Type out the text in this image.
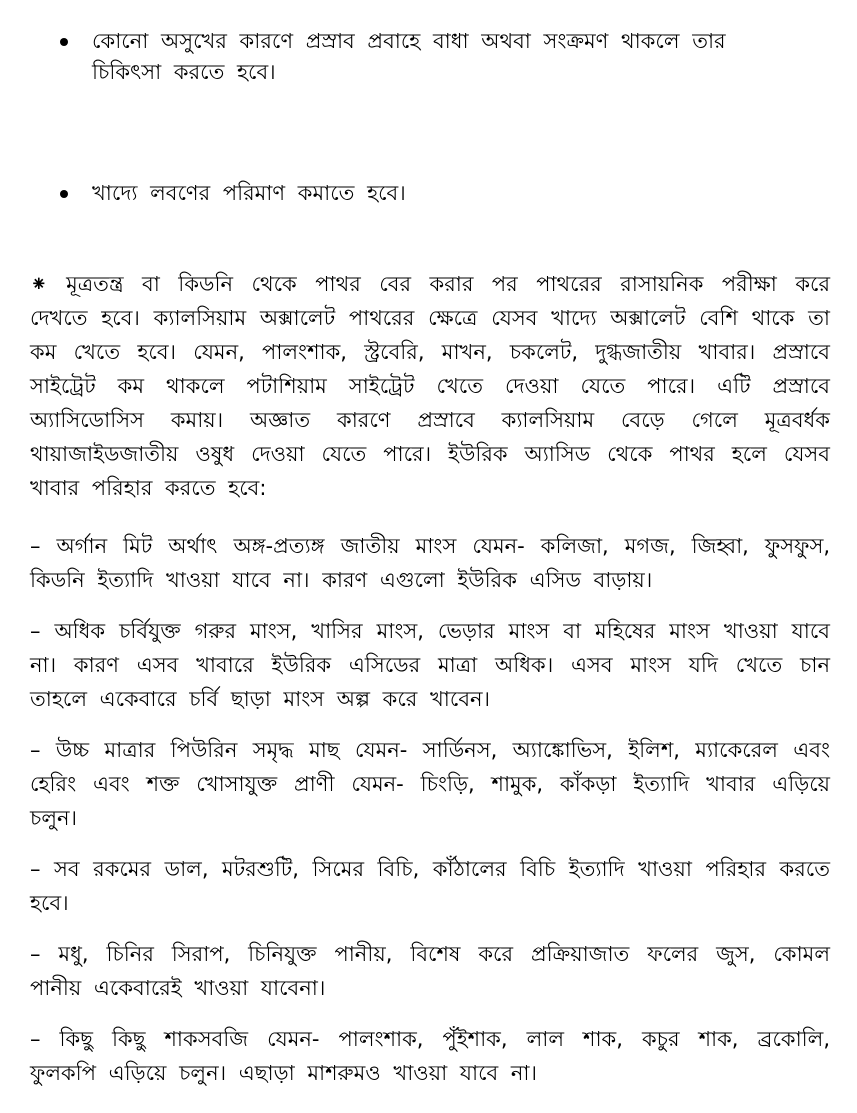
কোনো অসুখের কারণে প্রস্রাব প্রবাহে বাধা অথবা সংক্রমণ থাকলে তার চিকিৎসা করতে হবে।
খাদ্যে লবণের পরিমাণ কমাতে হবে।
⁕ মূত্রতন্ত্র বা কিডনি থেকে পাথর বের করার পর পাথরের রাসায়নিক পরীক্ষা করে দেখতে হবে। ক্যালসিয়াম অক্সালেট পাথরের ক্ষেত্রে যেসব খাদ্যে অক্সালেট বেশি থাকে তা কম খেতে হবে। যেমন, পালংশাক, স্ট্রবেরি, মাখন, চকলেট, দুগ্ধজাতীয় খাবার। প্রস্রাবে সাইট্রেট কম থাকলে পটাশিয়াম সাইট্রেট খেতে দেওয়া যেতে পারে। এটি প্রস্রাবে অ্যাসিডোসিস কমায়। অজ্ঞাত কারণে প্রস্রাবে ক্যালসিয়াম বেড়ে গেলে মূত্রবর্ধক থায়াজাইডজাতীয় ওষুধ দেওয়া যেতে পারে। ইউরিক অ্যাসিড থেকে পাথর হলে যেসব খাবার পরিহার করতে হবে:
– অর্গান মিট অর্থাৎ অঙ্গ-প্রত্যঙ্গ জাতীয় মাংস যেমন- কলিজা, মগজ, জিহ্বা, ফুসফুস, কিডনি ইত্যাদি খাওয়া যাবে না। কারণ এগুলো ইউরিক এসিড বাড়ায়।
– অধিক চর্বিযুক্ত গরুর মাংস, খাসির মাংস, ভেড়ার মাংস বা মহিষের মাংস খাওয়া যাবে না। কারণ এসব খাবারে ইউরিক এসিডের মাত্রা অধিক। এসব মাংস যদি খেতে চান তাহলে একেবারে চর্বি ছাড়া মাংস অল্প করে খাবেন।
– উচ্চ মাত্রার পিউরিন সমৃদ্ধ মাছ যেমন- সার্ডিনস, অ্যাঙ্কোভিস, ইলিশ, ম্যাকেরেল এবং হেরিং এবং শক্ত খোসাযুক্ত প্রাণী যেমন- চিংড়ি, শামুক, কাঁকড়া ইত্যাদি খাবার এড়িয়ে চলুন।
– সব রকমের ডাল, মটরশুটি, সিমের বিচি, কাঁঠালের বিচি ইত্যাদি খাওয়া পরিহার করতে হবে।
– মধু, চিনির সিরাপ, চিনিযুক্ত পানীয়, বিশেষ করে প্রক্রিয়াজাত ফলের জুস, কোমল পানীয় একেবারেই খাওয়া যাবেনা।
– কিছু কিছু শাকসবজি যেমন- পালংশাক, পুঁইশাক, লাল শাক, কচুর শাক, ব্রকোলি, ফুলকপি এড়িয়ে চলুন। এছাড়া মাশরুমও খাওয়া যাবে না।
